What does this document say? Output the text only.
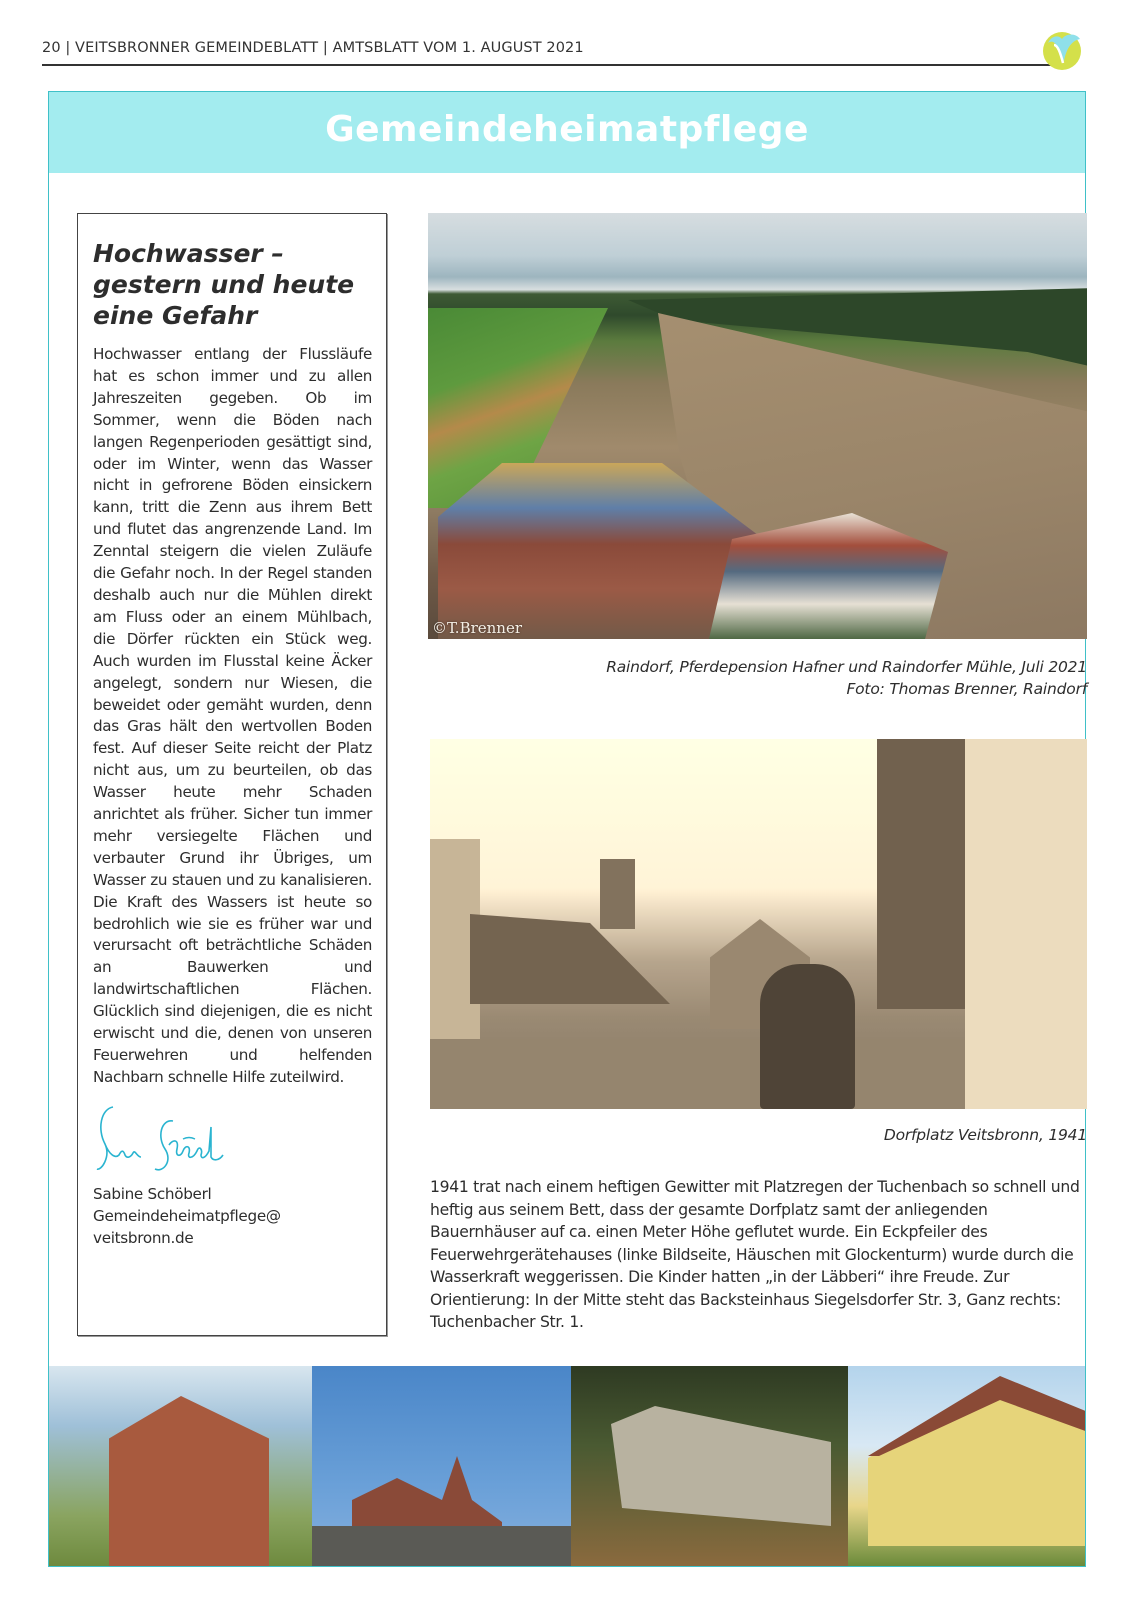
20 | VEITSBRONNER GEMEINDEBLATT | AMTSBLATT VOM 1. AUGUST 2021
Gemeindeheimatpflege
Hochwasser –
gestern und heute
eine Gefahr

Hochwasser entlang der Flussläufe hat es schon immer und zu allen Jahreszeiten gegeben. Ob im Sommer, wenn die Böden nach langen Regenperioden gesättigt sind, oder im Winter, wenn das Wasser nicht in gefrorene Böden einsickern kann, tritt die Zenn aus ihrem Bett und flutet das angrenzende Land. Im Zenntal steigern die vielen Zuläufe die Gefahr noch. In der Regel standen deshalb auch nur die Mühlen direkt am Fluss oder an einem Mühlbach, die Dörfer rückten ein Stück weg. Auch wurden im Flusstal keine Äcker angelegt, sondern nur Wiesen, die beweidet oder gemäht wurden, denn das Gras hält den wertvollen Boden fest. Auf dieser Seite reicht der Platz nicht aus, um zu beurteilen, ob das Wasser heute mehr Schaden anrichtet als früher. Sicher tun immer mehr versiegelte Flächen und verbauter Grund ihr Übriges, um Wasser zu stauen und zu kanalisieren. Die Kraft des Wassers ist heute so bedrohlich wie sie es früher war und verursacht oft beträchtliche Schäden an Bauwerken und landwirtschaftlichen Flächen. Glücklich sind diejenigen, die es nicht erwischt und die, denen von unseren Feuerwehren und helfenden Nachbarn schnelle Hilfe zuteilwird.

Sabine Schöberl
Gemeindeheimatpflege@
veitsbronn.de
©T.Brenner
Raindorf, Pferdepension Hafner und Raindorfer Mühle, Juli 2021
Foto: Thomas Brenner, Raindorf
Dorfplatz Veitsbronn, 1941

1941 trat nach einem heftigen Gewitter mit Platzregen der Tuchenbach so schnell und heftig aus seinem Bett, dass der gesamte Dorfplatz samt der anliegenden Bauernhäuser auf ca. einen Meter Höhe geflutet wurde. Ein Eckpfeiler des Feuerwehrgerätehauses (linke Bildseite, Häuschen mit Glockenturm) wurde durch die Wasserkraft weggerissen. Die Kinder hatten „in der Läbberi“ ihre Freude. Zur Orientierung: In der Mitte steht das Backsteinhaus Siegelsdorfer Str. 3, Ganz rechts: Tuchenbacher Str. 1.
